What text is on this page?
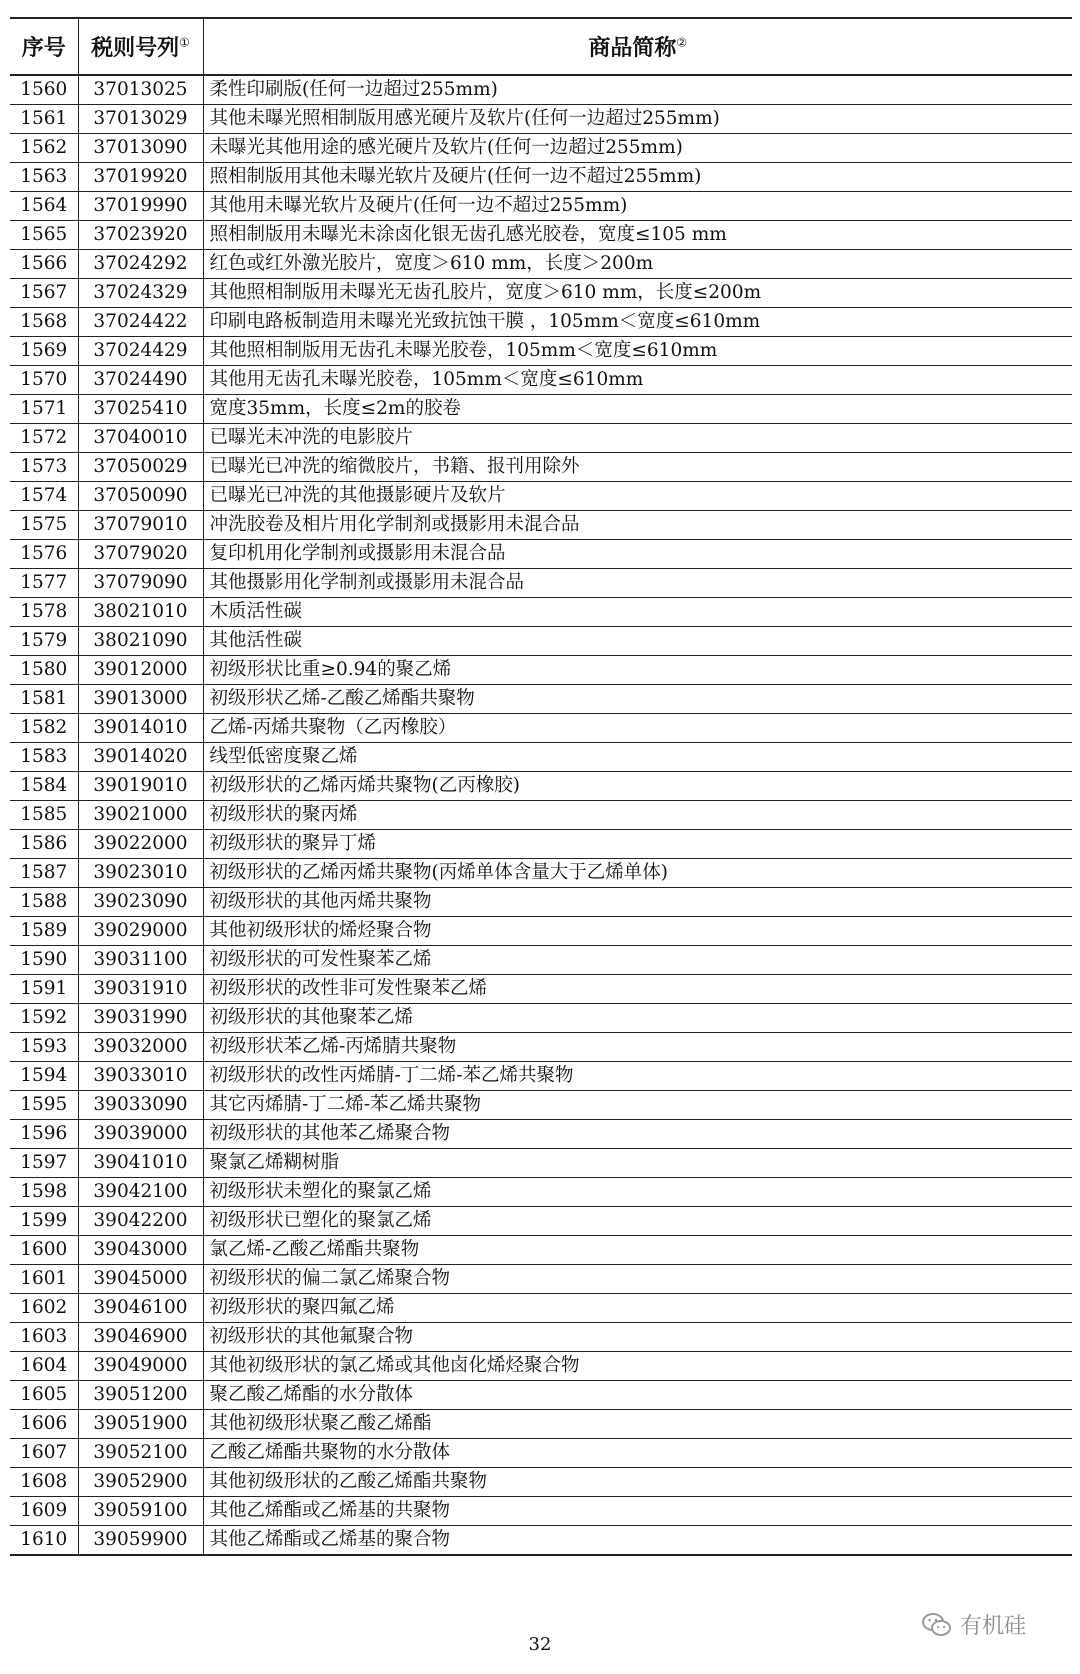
序号	税则号列①	商品简称②
1560	37013025	柔性印刷版(任何一边超过255mm)
1561	37013029	其他未曝光照相制版用感光硬片及软片(任何一边超过255mm)
1562	37013090	未曝光其他用途的感光硬片及软片(任何一边超过255mm)
1563	37019920	照相制版用其他未曝光软片及硬片(任何一边不超过255mm)
1564	37019990	其他用未曝光软片及硬片(任何一边不超过255mm)
1565	37023920	照相制版用未曝光未涂卤化银无齿孔感光胶卷，宽度≤105 mm
1566	37024292	红色或红外激光胶片，宽度＞610 mm，长度＞200m
1567	37024329	其他照相制版用未曝光无齿孔胶片，宽度＞610 mm，长度≤200m
1568	37024422	印刷电路板制造用未曝光光致抗蚀干膜 ，105mm＜宽度≤610mm
1569	37024429	其他照相制版用无齿孔未曝光胶卷，105mm＜宽度≤610mm
1570	37024490	其他用无齿孔未曝光胶卷，105mm＜宽度≤610mm
1571	37025410	宽度35mm，长度≤2m的胶卷
1572	37040010	已曝光未冲洗的电影胶片
1573	37050029	已曝光已冲洗的缩微胶片，书籍、报刊用除外
1574	37050090	已曝光已冲洗的其他摄影硬片及软片
1575	37079010	冲洗胶卷及相片用化学制剂或摄影用未混合品
1576	37079020	复印机用化学制剂或摄影用未混合品
1577	37079090	其他摄影用化学制剂或摄影用未混合品
1578	38021010	木质活性碳
1579	38021090	其他活性碳
1580	39012000	初级形状比重≥0.94的聚乙烯
1581	39013000	初级形状乙烯-乙酸乙烯酯共聚物
1582	39014010	乙烯-丙烯共聚物（乙丙橡胶）
1583	39014020	线型低密度聚乙烯
1584	39019010	初级形状的乙烯丙烯共聚物(乙丙橡胶)
1585	39021000	初级形状的聚丙烯
1586	39022000	初级形状的聚异丁烯
1587	39023010	初级形状的乙烯丙烯共聚物(丙烯单体含量大于乙烯单体)
1588	39023090	初级形状的其他丙烯共聚物
1589	39029000	其他初级形状的烯烃聚合物
1590	39031100	初级形状的可发性聚苯乙烯
1591	39031910	初级形状的改性非可发性聚苯乙烯
1592	39031990	初级形状的其他聚苯乙烯
1593	39032000	初级形状苯乙烯-丙烯腈共聚物
1594	39033010	初级形状的改性丙烯腈-丁二烯-苯乙烯共聚物
1595	39033090	其它丙烯腈-丁二烯-苯乙烯共聚物
1596	39039000	初级形状的其他苯乙烯聚合物
1597	39041010	聚氯乙烯糊树脂
1598	39042100	初级形状未塑化的聚氯乙烯
1599	39042200	初级形状已塑化的聚氯乙烯
1600	39043000	氯乙烯-乙酸乙烯酯共聚物
1601	39045000	初级形状的偏二氯乙烯聚合物
1602	39046100	初级形状的聚四氟乙烯
1603	39046900	初级形状的其他氟聚合物
1604	39049000	其他初级形状的氯乙烯或其他卤化烯烃聚合物
1605	39051200	聚乙酸乙烯酯的水分散体
1606	39051900	其他初级形状聚乙酸乙烯酯
1607	39052100	乙酸乙烯酯共聚物的水分散体
1608	39052900	其他初级形状的乙酸乙烯酯共聚物
1609	39059100	其他乙烯酯或乙烯基的共聚物
1610	39059900	其他乙烯酯或乙烯基的聚合物
32
有机硅
